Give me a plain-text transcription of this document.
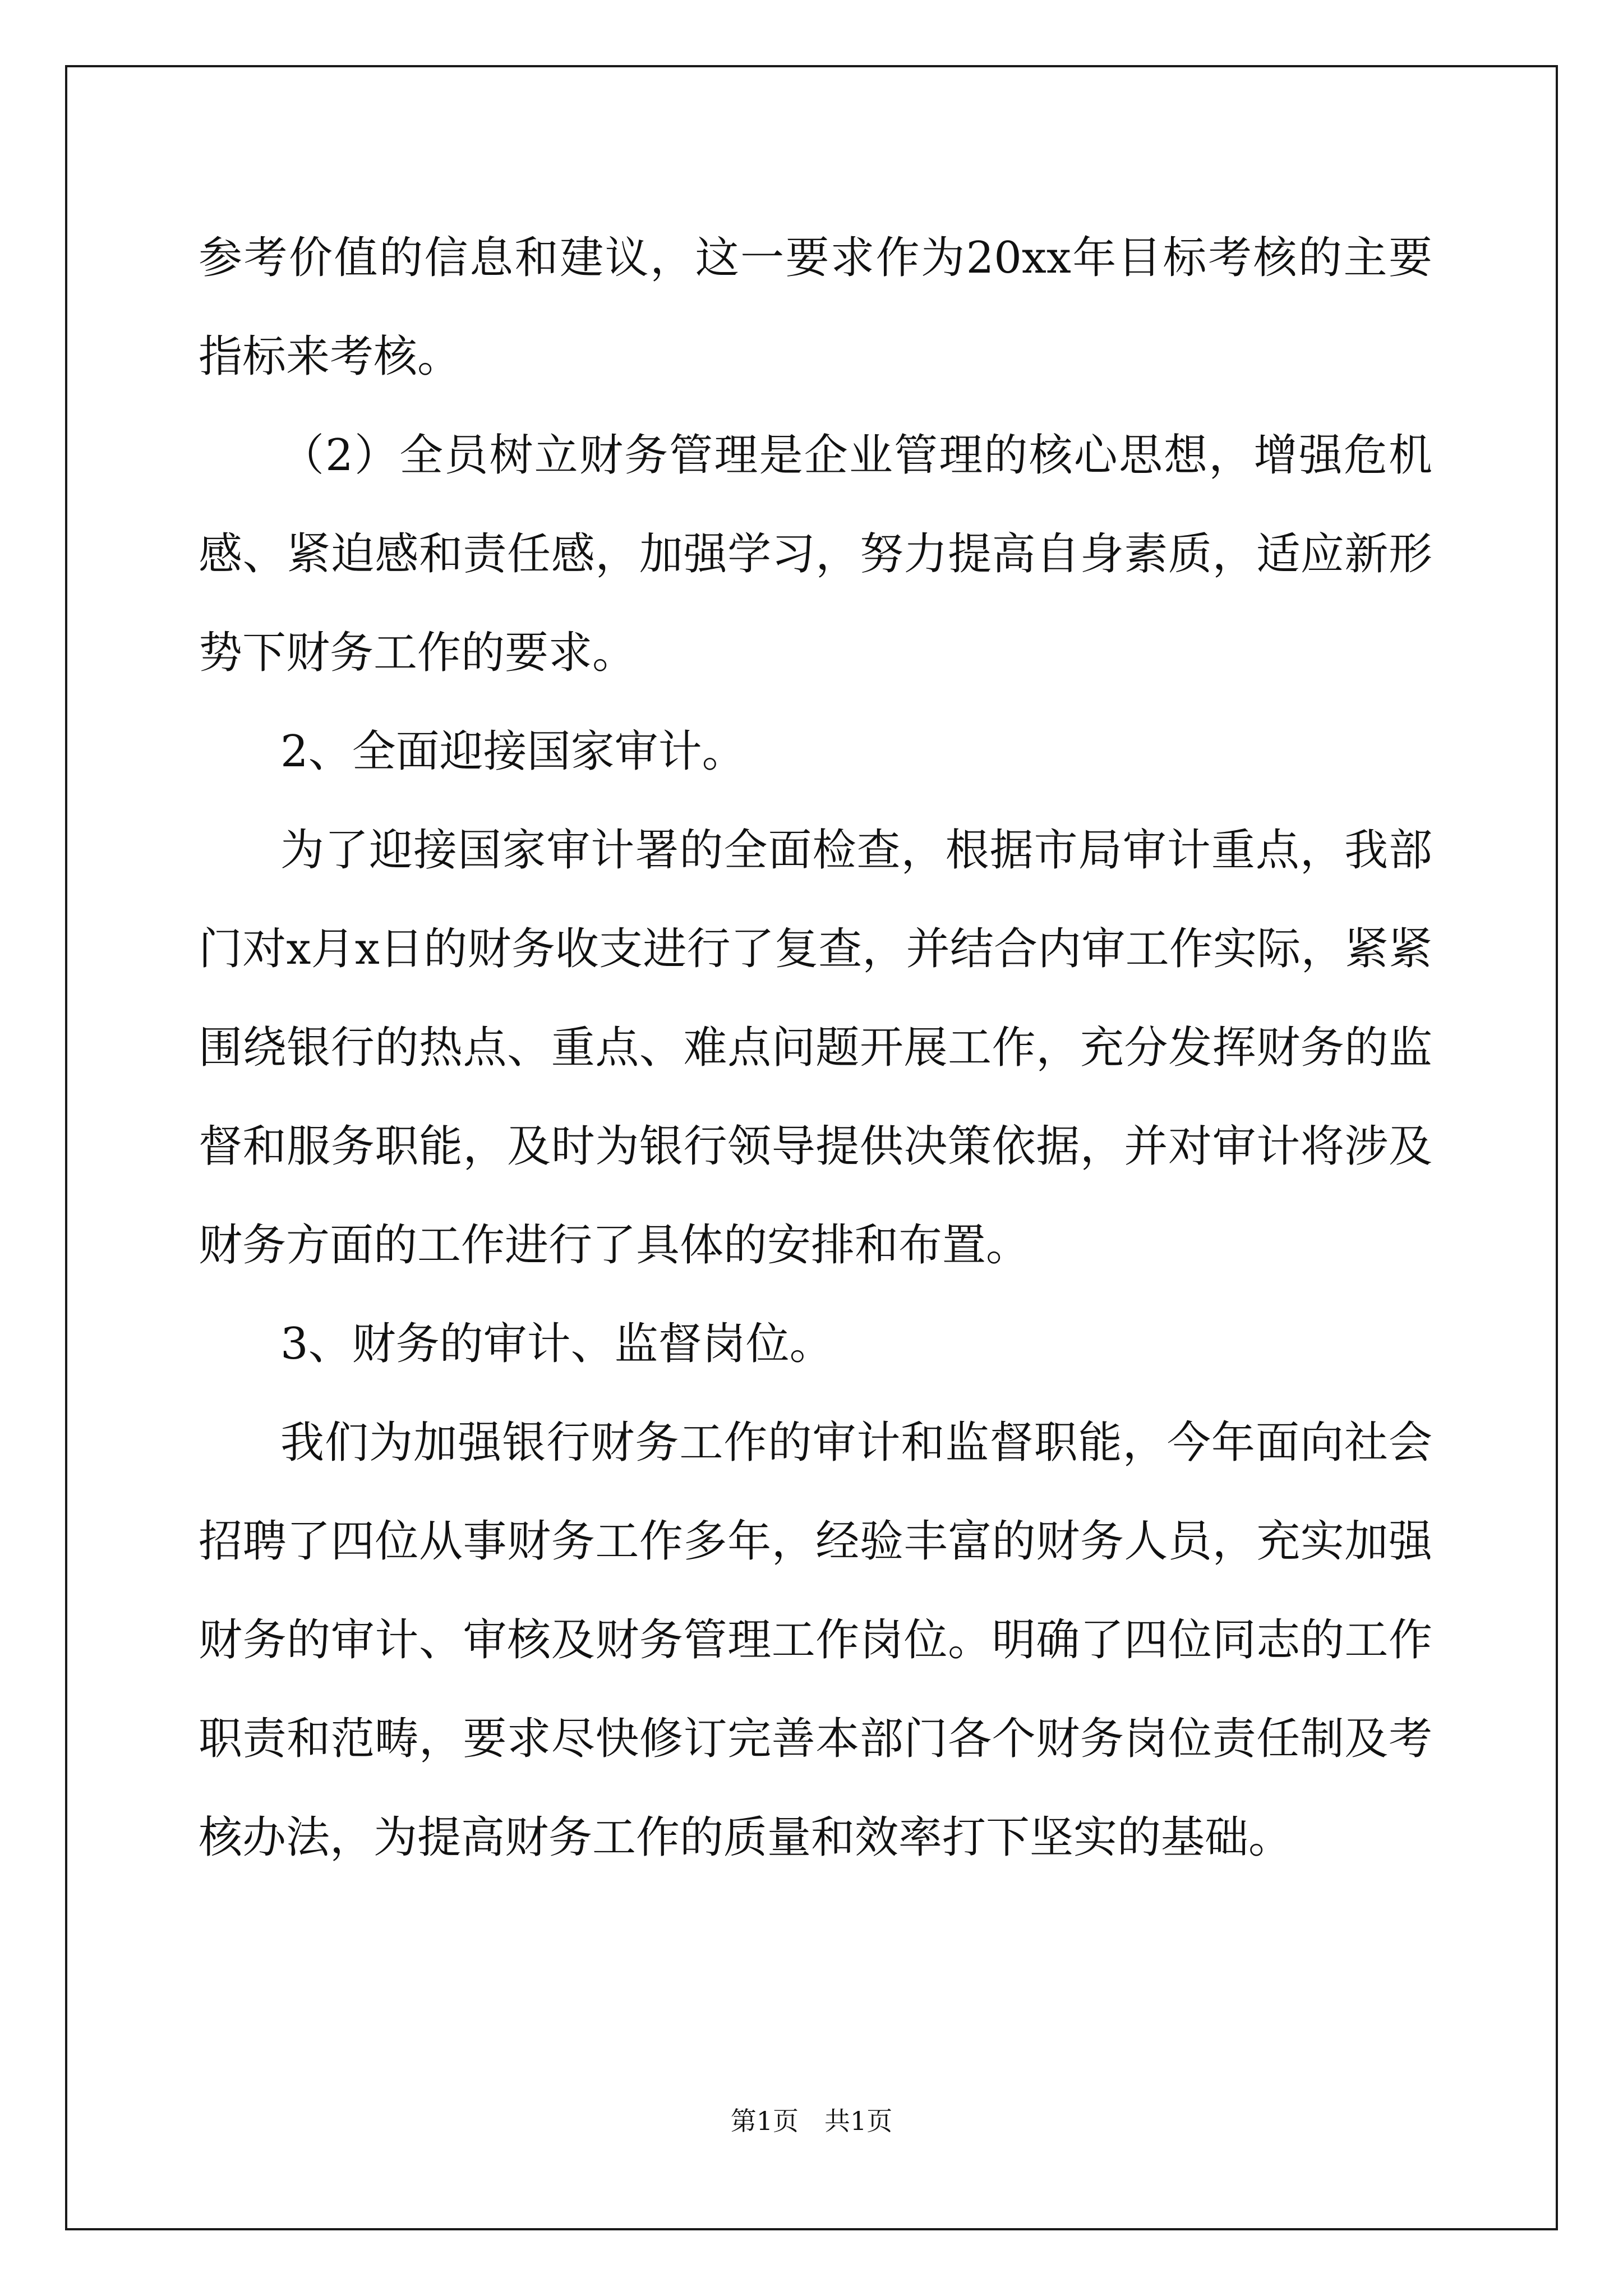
参考价值的信息和建议，这一要求作为20xx年目标考核的主要指标来考核。

（2）全员树立财务管理是企业管理的核心思想，增强危机感、紧迫感和责任感，加强学习，努力提高自身素质，适应新形势下财务工作的要求。

2、全面迎接国家审计。

为了迎接国家审计署的全面检查，根据市局审计重点，我部门对x月x日的财务收支进行了复查，并结合内审工作实际，紧紧围绕银行的热点、重点、难点问题开展工作，充分发挥财务的监督和服务职能，及时为银行领导提供决策依据，并对审计将涉及财务方面的工作进行了具体的安排和布置。

3、财务的审计、监督岗位。

我们为加强银行财务工作的审计和监督职能，今年面向社会招聘了四位从事财务工作多年，经验丰富的财务人员，充实加强财务的审计、审核及财务管理工作岗位。明确了四位同志的工作职责和范畴，要求尽快修订完善本部门各个财务岗位责任制及考核办法，为提高财务工作的质量和效率打下坚实的基础。

第1页　共1页
